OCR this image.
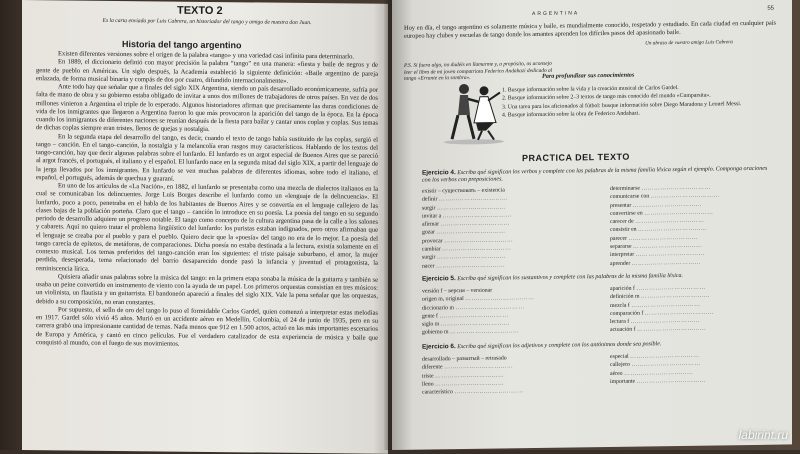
TEXTO 2
Es la carta enviada por Luis Cabrera, un historiador del tango y amigo de nuestra don Juan.
Historia del tango argentino

Existen diferentes versiones sobre el origen de la palabra «tango» y una variedad casi infinita para determinarlo.

En 1889, el diccionario definió con mayor precisión la palabra “tango” en una manera: «fiesta y baile de negros y de gente de pueblo en Américas. Un siglo después, la Academia estableció la siguiente definición: «Baile argentino de pareja enlazada, de forma musical binaria y compás de dos por cuatro, difundido internacionalmente».

Ante todo hay que señalar que a finales del siglo XIX Argentina, siendo un país desarrollado económicamente, sufría por falta de mano de obra y su gobierno estaba obligado de invitar a unos dos millones de trabajadores de otros países. En vez de dos millones vinieron a Argentina el triple de lo esperado. Algunos historiadores afirman que precisamente las duras condiciones de vida de los inmigrantes que llegaron a Argentina fueron lo que más provocaron la aparición del tango de la época. En la época cuando los inmigrantes de diferentes naciones se reunían después de la fiesta para bailar y cantar unos coplas y coplas. Sus temas de dichas coplas siempre eran tristes, llenos de quejas y nostalgia.

En la segunda etapa del desarrollo del tango, es decir, cuando el texto de tango había sustituido de las coplas, surgió el tango – canción. En el tango–canción, la nostalgia y la melancolía eran rasgos muy característicos. Hablando de los textos del tango-canción, hay que decir algunas palabras sobre el lunfardo. El lunfardo es un argot especial de Buenos Aires que se pareció al argot francés, el portugués, el italiano y el español. El lunfardo nace en la segunda mitad del siglo XIX, a partir del lenguaje de la jerga llevados por los inmigrantes. En lunfardo se ven muchas palabras de diferentes idiomas, sobre todo el italiano, el español, el portugués, además de quechua y guaraní.

En uno de los artículos de «La Nación», en 1882, el lunfardo se presentaba como una mezcla de dialectos italianos en la cual se comunicaban los delincuentes. Jorge Luis Borges describe el lunfardo como un «lenguaje de la delincuencia». El lunfardo, poco a poco, penetraba en el habla de los habitantes de Buenos Aires y se convertía en el lenguaje callejero de las clases bajas de la población porteña. Claro que el tango – canción lo introduce en su poesía. La poesía del tango en su segundo periodo de desarrollo adquiere un progreso notable. El tango como concepto de la cultura argentina pasa de la calle a los salones y cabarets. Aquí no quiero tratar el problema lingüístico del lunfardo: los puristas estaban indignados, pero otros afirmaban que el lenguaje se creaba por el pueblo y para el pueblo. Quiero decir que la «poesía» del tango no era de lo mejor. La poesía del tango carecía de epítetos, de metáforas, de comparaciones. Dicha poesía no estaba destinada a la lectura, existía solamente en el contexto musical. Los temas preferidos del tango-canción eran los siguientes: el triste paisaje suburbano, el amor, la mujer perdida, desesperada, tema relacionado del barrio desaparecido donde pasó la infancia y juventud el protagonista, la reminiscencia lírica.

Quisiera añadir unas palabras sobre la música del tango: en la primera etapa sonaba la música de la guitarra y también se usaba un peine convertido en instrumento de viento con la ayuda de un papel. Los primeros orquestas consistían en tres músicos: un violinista, un flautista y un guitarrista. El bandoneón apareció a finales del siglo XIX. Vale la pena señalar que las orquestas, debido a su composición, no eran constantes.

Por supuesto, el sello de oro del tango lo puso el formidable Carlos Gardel, quien comenzó a interpretar estas melodías en 1917. Gardel sólo vivió 45 años. Murió en un accidente aéreo en Medellín, Colombia, el 24 de junio de 1935, pero en su carrera grabó una impresionante cantidad de temas. Nada menos que 912 en 1.500 actos, actuó en las más importantes escenarios de Europa y América, y cantó en cinco películas. Fue el verdadero catalizador de esta experiencia de música y baile que conquistó al mundo, con el fuego de sus movimientos.

ARGENTINA
55
Hoy en día, el tango argentino es solamente música y baile, es mundialmente conocido, respetado y estudiado. En cada ciudad en cualquier país europeo hay clubes y escuelas de tango donde los amantes aprenden los difíciles pasos del apasionado baile.
P.S. Si fuera algo, no dudéis en llamarme y, a propósito, os aconsejo leer el libro de mi joven compatriota Federico Andahazi dedicado al tango «Errante en la sombra».
Un abrazo de vuestro amigo Luis Cabrera
Para profundizar sus conocimientos
1. Busque información sobre la vida y la creación musical de Carlos Gardel.
2. Busque información sobre 2–3 textos de tango más conocido del mundo «Cumparsita».
3. Una tarea para los aficionados al fútbol: busque información sobre Diego Maradona y Leonel Messi.
4. Busque información sobre la obra de Federico Andahazi.
PRACTICA DEL TEXTO
Ejercicio 4. Escriba qué significan los verbos y complete con las palabras de la misma familia léxica según el ejemplo. Componga oraciones con los verbos con preposiciones.
existir – существовать – existencia
definir ……………………………
surgir ……………………………
invitar a ……………………………
afirmar ……………………………
gozar ……………………………
provocar ……………………………
cambiar ……………………………
surgir ……………………………
nacer ……………………………
determinarse ……………………………
comunicarse con ……………………………
presentar ……………………………
convertirse en ……………………………
carecer de ……………………………
consistir en ……………………………
parecer ……………………………
separarse ……………………………
interpretar ……………………………
aprender ……………………………
Ejercicio 5. Escriba qué significan los sustantivos y complete con las palabras de la misma familia léxica.
versión f – версия – versionar
origen m, original ……………………………
diccionario m ……………………………
gente f ……………………………
siglo m ……………………………
gobierno m ……………………………
aparición f ……………………………
definición m ……………………………
mezcla f ……………………………
comparación f ……………………………
lectura f ……………………………
actuación f ……………………………
Ejercicio 6. Escriba qué significan los adjetivos y complete con los antónimos donde sea posible.
desarrollado – развитый – retrasado
diferente ……………………………
triste ……………………………
lleno ……………………………
característico ……………………………
especial ……………………………
callejero ……………………………
aéreo ……………………………
importante ……………………………
labirint.ru
